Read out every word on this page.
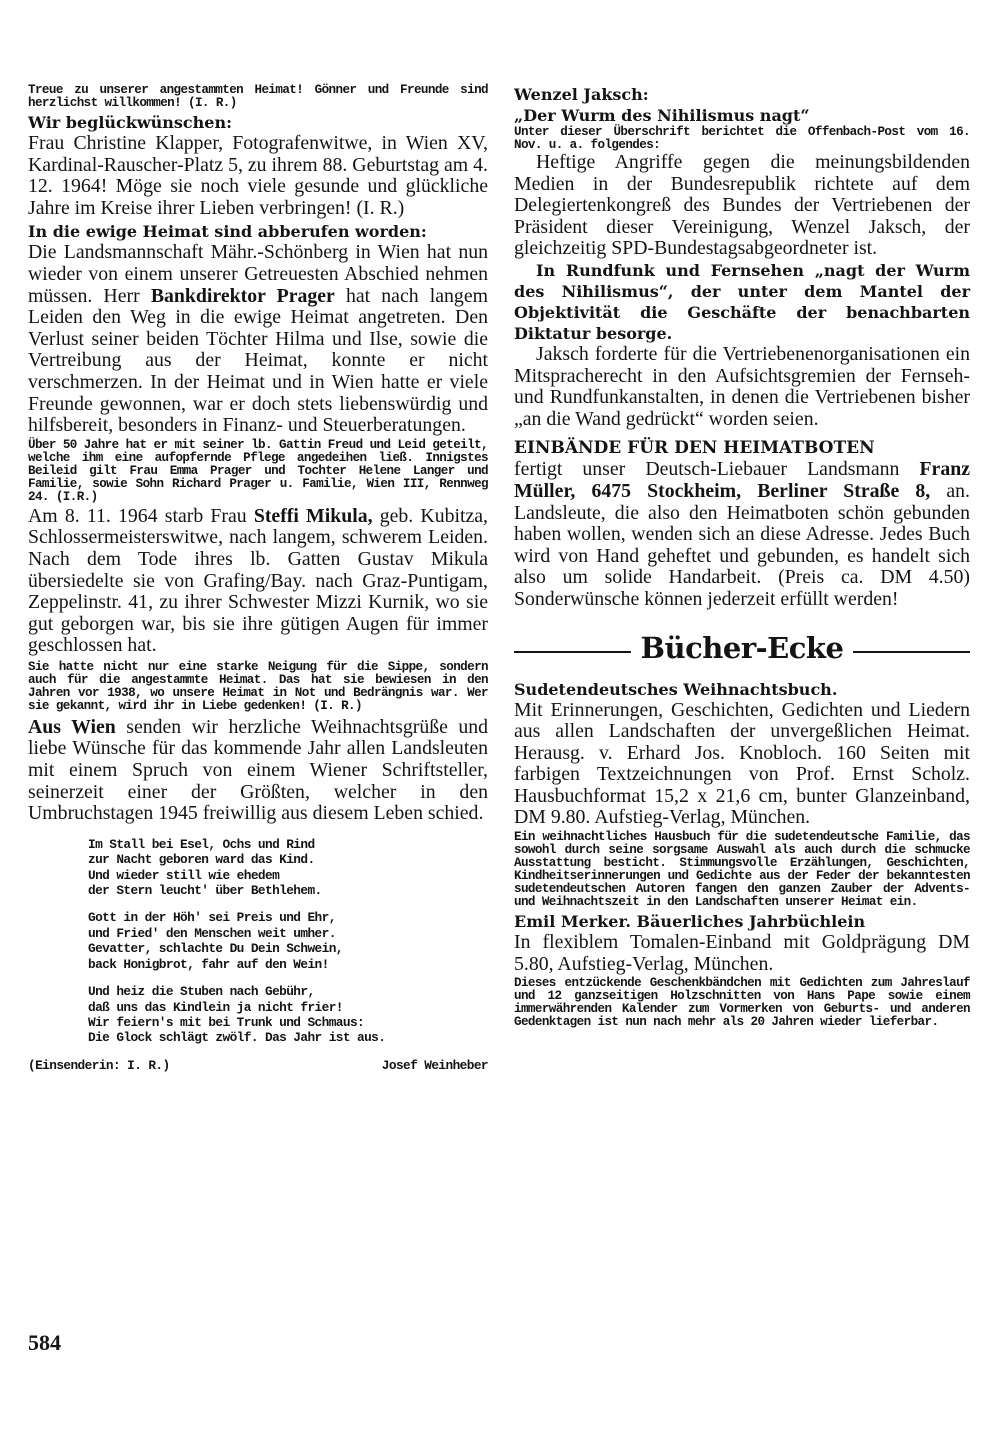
Treue zu unserer angestammten Heimat! Gönner und Freunde sind herzlichst willkommen! (I. R.)

Wir beglückwünschen:

Frau Christine Klapper, Fotografenwitwe, in Wien XV, Kardinal-Rauscher-Platz 5, zu ihrem 88. Geburtstag am 4. 12. 1964! Möge sie noch viele gesunde und glückliche Jahre im Kreise ihrer Lieben verbringen! (I. R.)

In die ewige Heimat sind abberufen worden:

Die Landsmannschaft Mähr.-Schönberg in Wien hat nun wieder von einem unserer Getreuesten Abschied nehmen müssen. Herr Bankdirektor Prager hat nach langem Leiden den Weg in die ewige Heimat angetreten. Den Verlust seiner beiden Töchter Hilma und Ilse, sowie die Vertreibung aus der Heimat, konnte er nicht verschmerzen. In der Heimat und in Wien hatte er viele Freunde gewonnen, war er doch stets liebenswürdig und hilfsbereit, besonders in Finanz- und Steuerberatungen.

Über 50 Jahre hat er mit seiner lb. Gattin Freud und Leid geteilt, welche ihm eine aufopfernde Pflege angedeihen ließ. Innigstes Beileid gilt Frau Emma Prager und Tochter Helene Langer und Familie, sowie Sohn Richard Prager u. Familie, Wien III, Rennweg 24. (I.R.)

Am 8. 11. 1964 starb Frau Steffi Mikula, geb. Kubitza, Schlossermeisterswitwe, nach langem, schwerem Leiden. Nach dem Tode ihres lb. Gatten Gustav Mikula übersiedelte sie von Grafing/Bay. nach Graz-Puntigam, Zeppelinstr. 41, zu ihrer Schwester Mizzi Kurnik, wo sie gut geborgen war, bis sie ihre gütigen Augen für immer geschlossen hat.

Sie hatte nicht nur eine starke Neigung für die Sippe, sondern auch für die angestammte Heimat. Das hat sie bewiesen in den Jahren vor 1938, wo unsere Heimat in Not und Bedrängnis war. Wer sie gekannt, wird ihr in Liebe gedenken! (I. R.)

Aus Wien senden wir herzliche Weihnachtsgrüße und liebe Wünsche für das kommende Jahr allen Landsleuten mit einem Spruch von einem Wiener Schriftsteller, seinerzeit einer der Größten, welcher in den Umbruchstagen 1945 freiwillig aus diesem Leben schied.

Im Stall bei Esel, Ochs und Rind
zur Nacht geboren ward das Kind.
Und wieder still wie ehedem
der Stern leucht' über Bethlehem.
Gott in der Höh' sei Preis und Ehr,
und Fried' den Menschen weit umher.
Gevatter, schlachte Du Dein Schwein,
back Honigbrot, fahr auf den Wein!
Und heiz die Stuben nach Gebühr,
daß uns das Kindlein ja nicht frier!
Wir feiern's mit bei Trunk und Schmaus:
Die Glock schlägt zwölf. Das Jahr ist aus.
(Einsenderin: I. R.)	Josef Weinheber
584

Wenzel Jaksch:

„Der Wurm des Nihilismus nagt“

Unter dieser Überschrift berichtet die Offenbach-Post vom 16. Nov. u. a. folgendes:

Heftige Angriffe gegen die meinungsbildenden Medien in der Bundesrepublik richtete auf dem Delegiertenkongreß des Bundes der Vertriebenen der Präsident dieser Vereinigung, Wenzel Jaksch, der gleichzeitig SPD-Bundestagsabgeordneter ist.

In Rundfunk und Fernsehen „nagt der Wurm des Nihilismus“, der unter dem Mantel der Objektivität die Geschäfte der benachbarten Diktatur besorge.

Jaksch forderte für die Vertriebenenorganisationen ein Mitspracherecht in den Aufsichtsgremien der Fernseh- und Rundfunkanstalten, in denen die Vertriebenen bisher „an die Wand gedrückt“ worden seien.

EINBÄNDE FÜR DEN HEIMATBOTEN

fertigt unser Deutsch-Liebauer Landsmann Franz Müller, 6475 Stockheim, Berliner Straße 8, an. Landsleute, die also den Heimatboten schön gebunden haben wollen, wenden sich an diese Adresse. Jedes Buch wird von Hand geheftet und gebunden, es handelt sich also um solide Handarbeit. (Preis ca. DM 4.50) Sonderwünsche können jederzeit erfüllt werden!

Bücher-Ecke

Sudetendeutsches Weihnachtsbuch.

Mit Erinnerungen, Geschichten, Gedichten und Liedern aus allen Landschaften der unvergeßlichen Heimat. Herausg. v. Erhard Jos. Knobloch. 160 Seiten mit farbigen Textzeichnungen von Prof. Ernst Scholz. Hausbuchformat 15,2 x 21,6 cm, bunter Glanzeinband, DM 9.80. Aufstieg-Verlag, München.

Ein weihnachtliches Hausbuch für die sudetendeutsche Familie, das sowohl durch seine sorgsame Auswahl als auch durch die schmucke Ausstattung besticht. Stimmungsvolle Erzählungen, Geschichten, Kindheitserinnerungen und Gedichte aus der Feder der bekanntesten sudetendeutschen Autoren fangen den ganzen Zauber der Advents- und Weihnachtszeit in den Landschaften unserer Heimat ein.

Emil Merker. Bäuerliches Jahrbüchlein

In flexiblem Tomalen-Einband mit Goldprägung DM 5.80, Aufstieg-Verlag, München.

Dieses entzückende Geschenkbändchen mit Gedichten zum Jahreslauf und 12 ganzseitigen Holzschnitten von Hans Pape sowie einem immerwährenden Kalender zum Vormerken von Geburts- und anderen Gedenktagen ist nun nach mehr als 20 Jahren wieder lieferbar.
